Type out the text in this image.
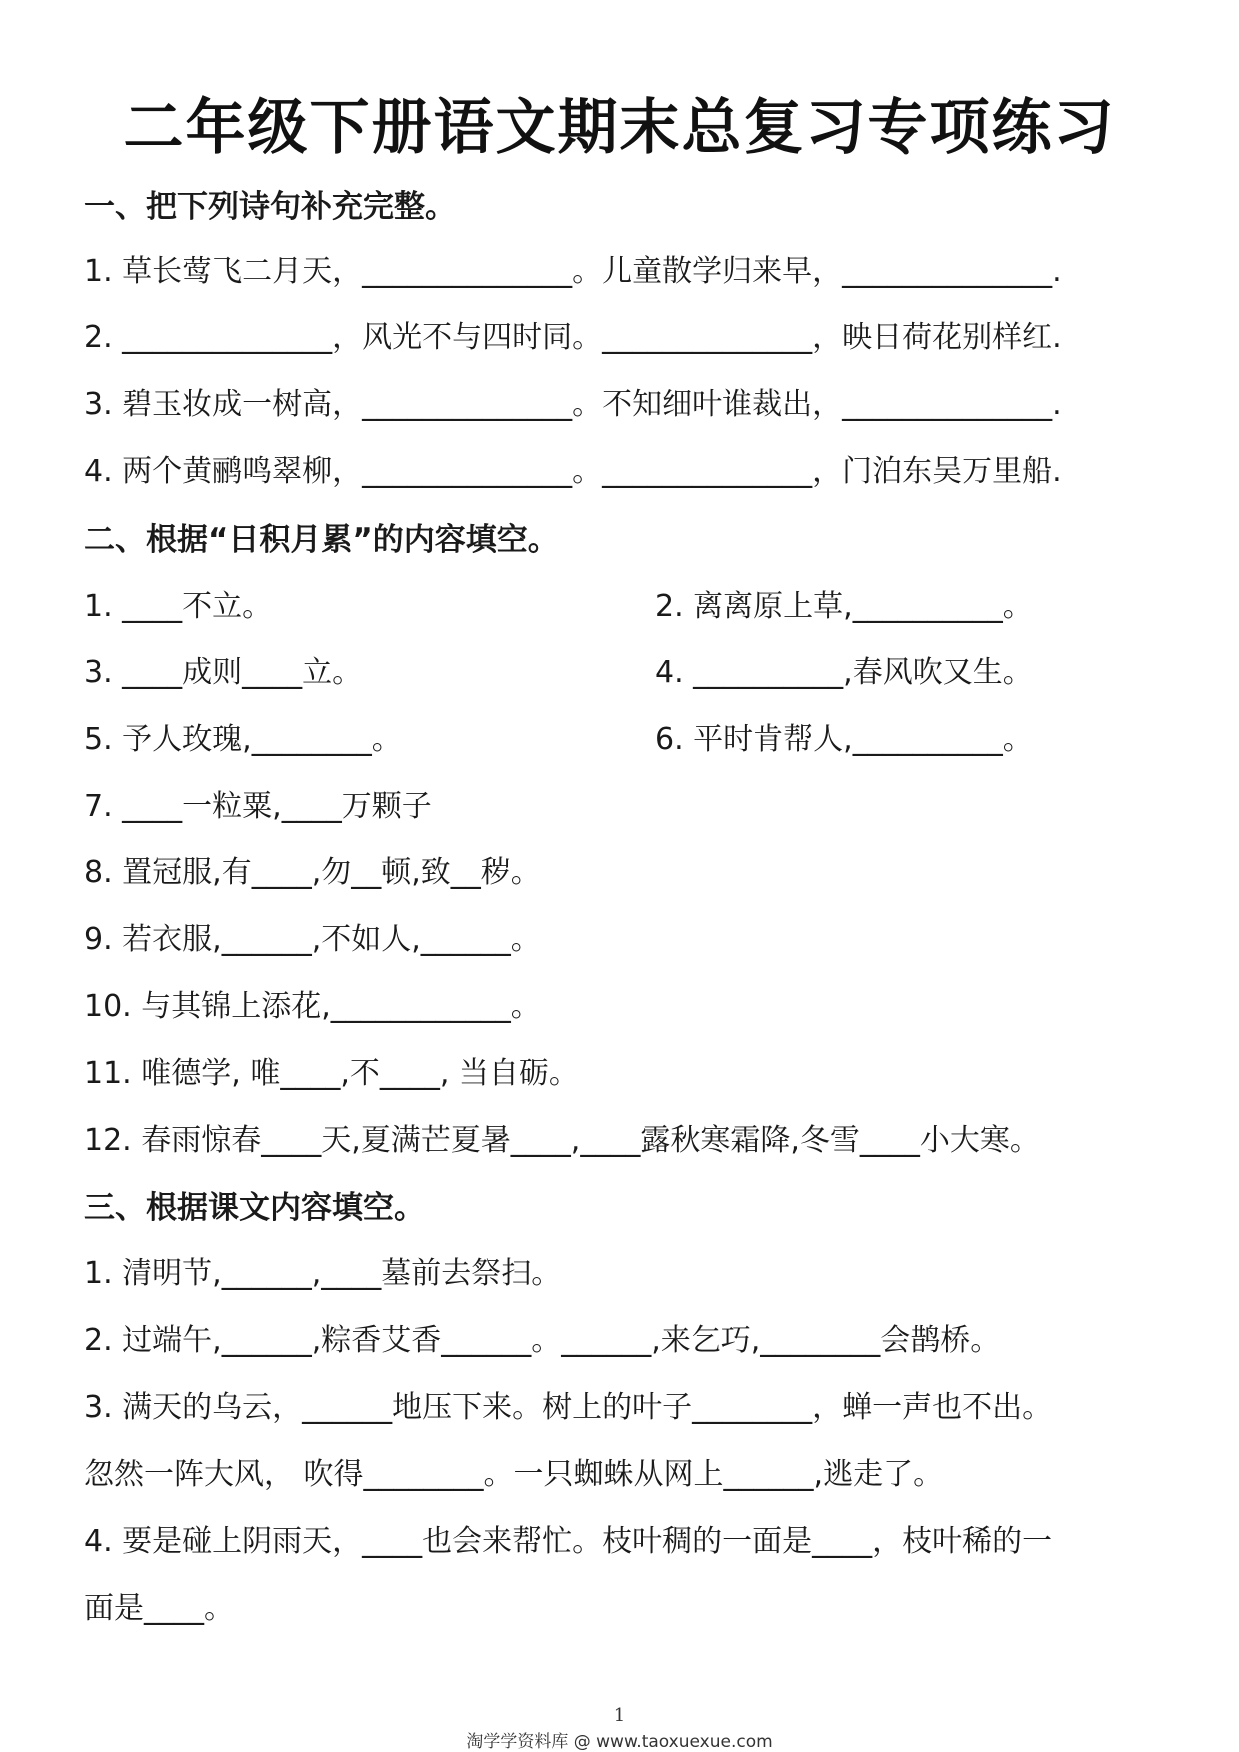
二年级下册语文期末总复习专项练习
一、把下列诗句补充完整。
1. 草长莺飞二月天，______________。儿童散学归来早，______________.
2. ______________，风光不与四时同。______________，映日荷花别样红.
3. 碧玉妆成一树高，______________。不知细叶谁裁出，______________.
4. 两个黄鹂鸣翠柳，______________。______________，门泊东吴万里船.
二、根据“日积月累”的内容填空。
1. ____不立。	2. 离离原上草,__________。
3. ____成则____立。	4. __________,春风吹又生。
5. 予人玫瑰,________。	6. 平时肯帮人,__________。
7. ____一粒粟,____万颗子
8. 置冠服,有____,勿__顿,致__秽。
9. 若衣服,______,不如人,______。
10. 与其锦上添花,____________。
11. 唯德学, 唯____,不____, 当自砺。
12. 春雨惊春____天,夏满芒夏暑____,____露秋寒霜降,冬雪____小大寒。
三、根据课文内容填空。
1. 清明节,______,____墓前去祭扫。
2. 过端午,______,粽香艾香______。______,来乞巧,________会鹊桥。
3. 满天的乌云，______地压下来。树上的叶子________，蝉一声也不出。
忽然一阵大风， 吹得________。一只蜘蛛从网上______,逃走了。
4. 要是碰上阴雨天，____也会来帮忙。枝叶稠的一面是____，枝叶稀的一
面是____。
1
淘学学资料库 @ www.taoxuexue.com
